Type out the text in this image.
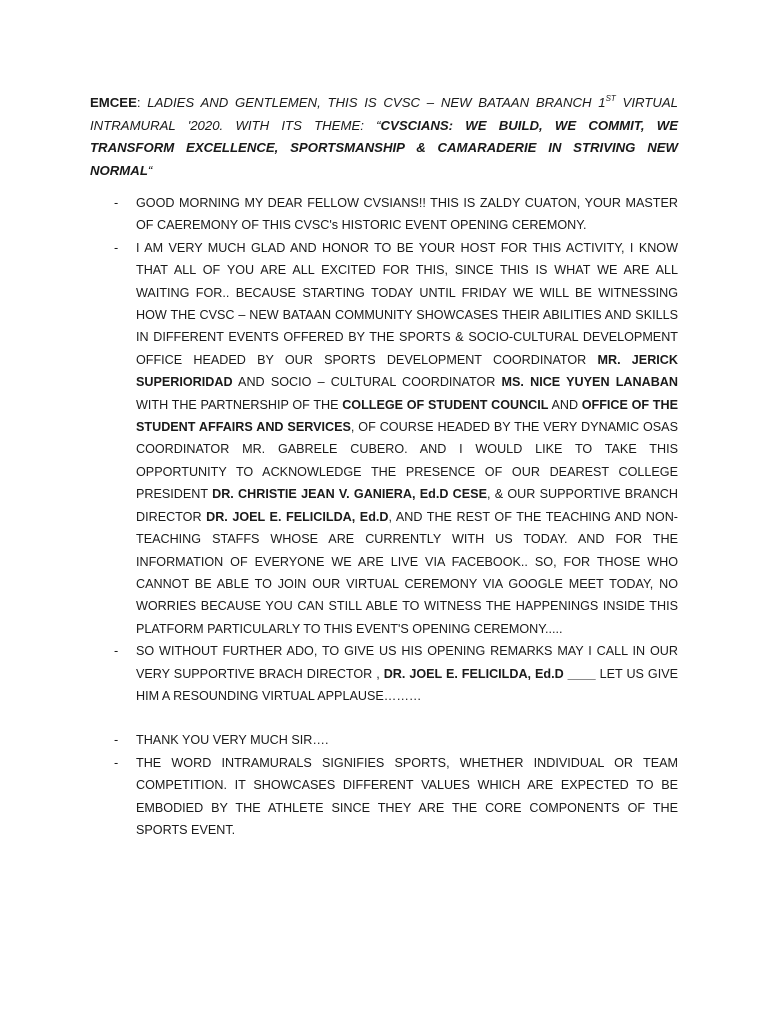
EMCEE: LADIES AND GENTLEMEN, THIS IS CVSC – NEW BATAAN BRANCH 1ST VIRTUAL INTRAMURAL '2020. WITH ITS THEME: “CVSCIANS: WE BUILD, WE COMMIT, WE TRANSFORM EXCELLENCE, SPORTSMANSHIP & CAMARADERIE IN STRIVING NEW NORMAL“

- GOOD MORNING MY DEAR FELLOW CVSIANS!! THIS IS ZALDY CUATON, YOUR MASTER OF CAEREMONY OF THIS CVSC's HISTORIC EVENT OPENING CEREMONY.
- I AM VERY MUCH GLAD AND HONOR TO BE YOUR HOST FOR THIS ACTIVITY, I KNOW THAT ALL OF YOU ARE ALL EXCITED FOR THIS, SINCE THIS IS WHAT WE ARE ALL WAITING FOR.. BECAUSE STARTING TODAY UNTIL FRIDAY WE WILL BE WITNESSING HOW THE CVSC – NEW BATAAN COMMUNITY SHOWCASES THEIR ABILITIES AND SKILLS IN DIFFERENT EVENTS OFFERED BY THE SPORTS & SOCIO-CULTURAL DEVELOPMENT OFFICE HEADED BY OUR SPORTS DEVELOPMENT COORDINATOR MR. JERICK SUPERIORIDAD AND SOCIO – CULTURAL COORDINATOR MS. NICE YUYEN LANABAN WITH THE PARTNERSHIP OF THE COLLEGE OF STUDENT COUNCIL AND OFFICE OF THE STUDENT AFFAIRS AND SERVICES, OF COURSE HEADED BY THE VERY DYNAMIC OSAS COORDINATOR MR. GABRELE CUBERO. AND I WOULD LIKE TO TAKE THIS OPPORTUNITY TO ACKNOWLEDGE THE PRESENCE OF OUR DEAREST COLLEGE PRESIDENT DR. CHRISTIE JEAN V. GANIERA, Ed.D CESE, & OUR SUPPORTIVE BRANCH DIRECTOR DR. JOEL E. FELICILDA, Ed.D, AND THE REST OF THE TEACHING AND NON-TEACHING STAFFS WHOSE ARE CURRENTLY WITH US TODAY. AND FOR THE INFORMATION OF EVERYONE WE ARE LIVE VIA FACEBOOK.. SO, FOR THOSE WHO CANNOT BE ABLE TO JOIN OUR VIRTUAL CEREMONY VIA GOOGLE MEET TODAY, NO WORRIES BECAUSE YOU CAN STILL ABLE TO WITNESS THE HAPPENINGS INSIDE THIS PLATFORM PARTICULARLY TO THIS EVENT'S OPENING CEREMONY.....
- SO WITHOUT FURTHER ADO, TO GIVE US HIS OPENING REMARKS MAY I CALL IN OUR VERY SUPPORTIVE BRACH DIRECTOR , DR. JOEL E. FELICILDA, Ed.D ____ LET US GIVE HIM A RESOUNDING VIRTUAL APPLAUSE………
- THANK YOU VERY MUCH SIR….
- THE WORD INTRAMURALS SIGNIFIES SPORTS, WHETHER INDIVIDUAL OR TEAM COMPETITION. IT SHOWCASES DIFFERENT VALUES WHICH ARE EXPECTED TO BE EMBODIED BY THE ATHLETE SINCE THEY ARE THE CORE COMPONENTS OF THE SPORTS EVENT.
